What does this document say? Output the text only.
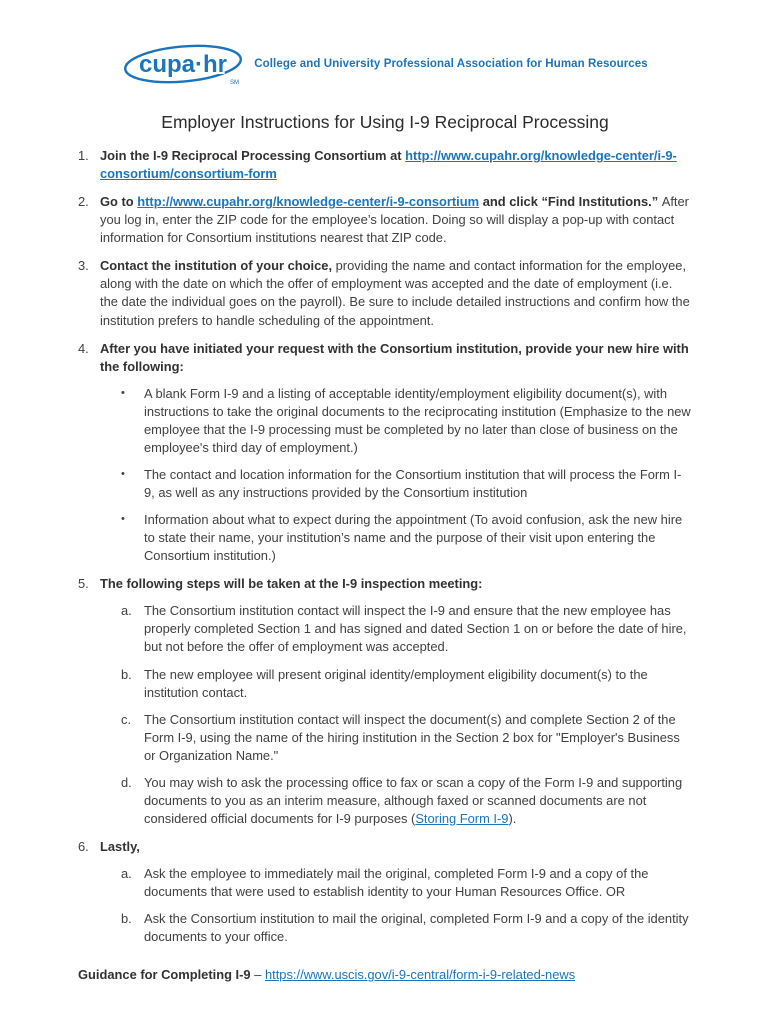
cupa·hr
SM
College and University Professional Association for Human Resources
Employer Instructions for Using I-9 Reciprocal Processing
1. Join the I-9 Reciprocal Processing Consortium at http://www.cupahr.org/knowledge-center/i-9-consortium/consortium-form
2. Go to http://www.cupahr.org/knowledge-center/i-9-consortium and click “Find Institutions.” After you log in, enter the ZIP code for the employee’s location. Doing so will display a pop-up with contact information for Consortium institutions nearest that ZIP code.
3. Contact the institution of your choice, providing the name and contact information for the employee, along with the date on which the offer of employment was accepted and the date of employment (i.e. the date the individual goes on the payroll). Be sure to include detailed instructions and confirm how the institution prefers to handle scheduling of the appointment.
4. After you have initiated your request with the Consortium institution, provide your new hire with the following:
•	A blank Form I-9 and a listing of acceptable identity/employment eligibility document(s), with instructions to take the original documents to the reciprocating institution (Emphasize to the new employee that the I-9 processing must be completed by no later than close of business on the employee's third day of employment.)
•	The contact and location information for the Consortium institution that will process the Form I-9, as well as any instructions provided by the Consortium institution
•	Information about what to expect during the appointment (To avoid confusion, ask the new hire to state their name, your institution’s name and the purpose of their visit upon entering the Consortium institution.)
5. The following steps will be taken at the I-9 inspection meeting:
a. The Consortium institution contact will inspect the I-9 and ensure that the new employee has properly completed Section 1 and has signed and dated Section 1 on or before the date of hire, but not before the offer of employment was accepted.
b. The new employee will present original identity/employment eligibility document(s) to the institution contact.
c.	The Consortium institution contact will inspect the document(s) and complete Section 2 of the Form I-9, using the name of the hiring institution in the Section 2 box for "Employer's Business or Organization Name."
d. You may wish to ask the processing office to fax or scan a copy of the Form I-9 and supporting documents to you as an interim measure, although faxed or scanned documents are not considered official documents for I-9 purposes (Storing Form I-9).
6. Lastly,
a. Ask the employee to immediately mail the original, completed Form I-9 and a copy of the documents that were used to establish identity to your Human Resources Office. OR
b. Ask the Consortium institution to mail the original, completed Form I-9 and a copy of the identity documents to your office.
Guidance for Completing I-9 – https://www.uscis.gov/i-9-central/form-i-9-related-news
